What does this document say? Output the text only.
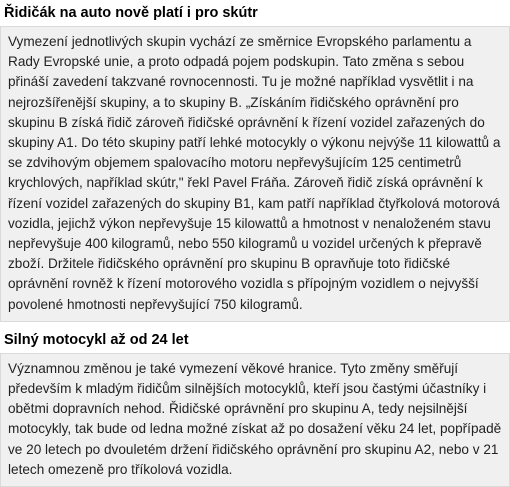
Řidičák na auto nově platí i pro skútr

Vymezení jednotlivých skupin vychází ze směrnice Evropského parlamentu a Rady Evropské unie, a proto odpadá pojem podskupin. Tato změna s sebou přináší zavedení takzvané rovnocennosti. Tu je možné například vysvětlit i na nejrozšířenější skupiny, a to skupiny B. „Získáním řidičského oprávnění pro skupinu B získá řidič zároveň řidičské oprávnění k řízení vozidel zařazených do skupiny A1. Do této skupiny patří lehké motocykly o výkonu nejvýše 11 kilowattů a se zdvihovým objemem spalovacího motoru nepřevyšujícím 125 centimetrů krychlových, například skútr," řekl Pavel Fráňa. Zároveň řidič získá oprávnění k řízení vozidel zařazených do skupiny B1, kam patří například čtyřkolová motorová vozidla, jejichž výkon nepřevyšuje 15 kilowattů a hmotnost v nenaloženém stavu nepřevyšuje 400 kilogramů, nebo 550 kilogramů u vozidel určených k přepravě zboží. Držitele řidičského oprávnění pro skupinu B opravňuje toto řidičské oprávnění rovněž k řízení motorového vozidla s přípojným vozidlem o nejvyšší povolené hmotnosti nepřevyšující 750 kilogramů.

Silný motocykl až od 24 let

Významnou změnou je také vymezení věkové hranice. Tyto změny směřují především k mladým řidičům silnějších motocyklů, kteří jsou častými účastníky i obětmi dopravních nehod. Řidičské oprávnění pro skupinu A, tedy nejsilnější motocykly, tak bude od ledna možné získat až po dosažení věku 24 let, popřípadě ve 20 letech po dvouletém držení řidičského oprávnění pro skupinu A2, nebo v 21 letech omezeně pro tříkolová vozidla.
